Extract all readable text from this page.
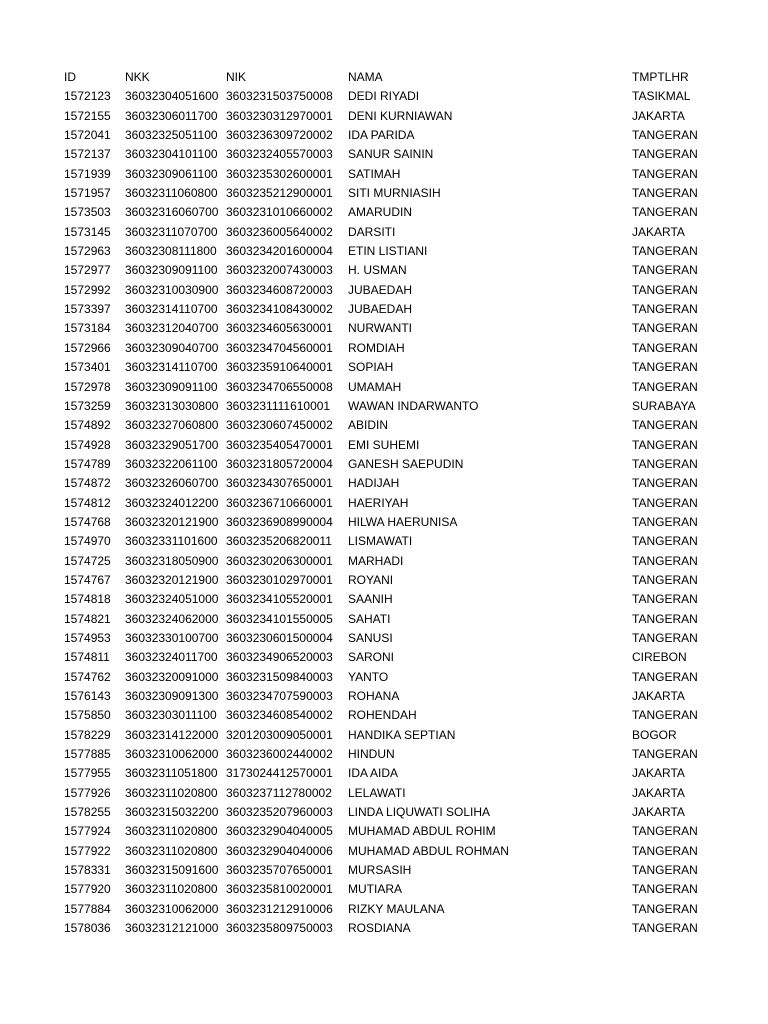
ID	NKK	NIK	NAMA	TMPTLHR
1572123	36032304051600 3603231503750008	DEDI RIYADI	TASIKMAL
1572155	36032306011700 3603230312970001	DENI KURNIAWAN	JAKARTA
1572041	36032325051100 3603236309720002	IDA PARIDA	TANGERAN
1572137	36032304101100 3603232405570003	SANUR SAININ	TANGERAN
1571939	36032309061100 3603235302600001	SATIMAH	TANGERAN
1571957	36032311060800 3603235212900001	SITI MURNIASIH	TANGERAN
1573503	36032316060700 3603231010660002	AMARUDIN	TANGERAN
1573145	36032311070700 3603236005640002	DARSITI	JAKARTA
1572963	36032308111800 3603234201600004	ETIN LISTIANI	TANGERAN
1572977	36032309091100 3603232007430003	H. USMAN	TANGERAN
1572992	36032310030900 3603234608720003	JUBAEDAH	TANGERAN
1573397	36032314110700 3603234108430002	JUBAEDAH	TANGERAN
1573184	36032312040700 3603234605630001	NURWANTI	TANGERAN
1572966	36032309040700 3603234704560001	ROMDIAH	TANGERAN
1573401	36032314110700 3603235910640001	SOPIAH	TANGERAN
1572978	36032309091100 3603234706550008	UMAMAH	TANGERAN
1573259	36032313030800 3603231111610001	WAWAN INDARWANTO	SURABAYA
1574892	36032327060800 3603230607450002	ABIDIN	TANGERAN
1574928	36032329051700 3603235405470001	EMI SUHEMI	TANGERAN
1574789	36032322061100 3603231805720004	GANESH SAEPUDIN	TANGERAN
1574872	36032326060700 3603234307650001	HADIJAH	TANGERAN
1574812	36032324012200 3603236710660001	HAERIYAH	TANGERAN
1574768	36032320121900 3603236908990004	HILWA HAERUNISA	TANGERAN
1574970	36032331101600 3603235206820011	LISMAWATI	TANGERAN
1574725	36032318050900 3603230206300001	MARHADI	TANGERAN
1574767	36032320121900 3603230102970001	ROYANI	TANGERAN
1574818	36032324051000 3603234105520001	SAANIH	TANGERAN
1574821	36032324062000 3603234101550005	SAHATI	TANGERAN
1574953	36032330100700 3603230601500004	SANUSI	TANGERAN
1574811	36032324011700 3603234906520003	SARONI	CIREBON
1574762	36032320091000 3603231509840003	YANTO	TANGERAN
1576143	36032309091300 3603234707590003	ROHANA	JAKARTA
1575850	36032303011100 3603234608540002	ROHENDAH	TANGERAN
1578229	36032314122000 3201203009050001	HANDIKA SEPTIAN	BOGOR
1577885	36032310062000 3603236002440002	HINDUN	TANGERAN
1577955	36032311051800 3173024412570001	IDA AIDA	JAKARTA
1577926	36032311020800 3603237112780002	LELAWATI	JAKARTA
1578255	36032315032200 3603235207960003	LINDA LIQUWATI SOLIHA	JAKARTA
1577924	36032311020800 3603232904040005	MUHAMAD ABDUL ROHIM	TANGERAN
1577922	36032311020800 3603232904040006	MUHAMAD ABDUL ROHMAN	TANGERAN
1578331	36032315091600 3603235707650001	MURSASIH	TANGERAN
1577920	36032311020800 3603235810020001	MUTIARA	TANGERAN
1577884	36032310062000 3603231212910006	RIZKY MAULANA	TANGERAN
1578036	36032312121000 3603235809750003	ROSDIANA	TANGERAN
